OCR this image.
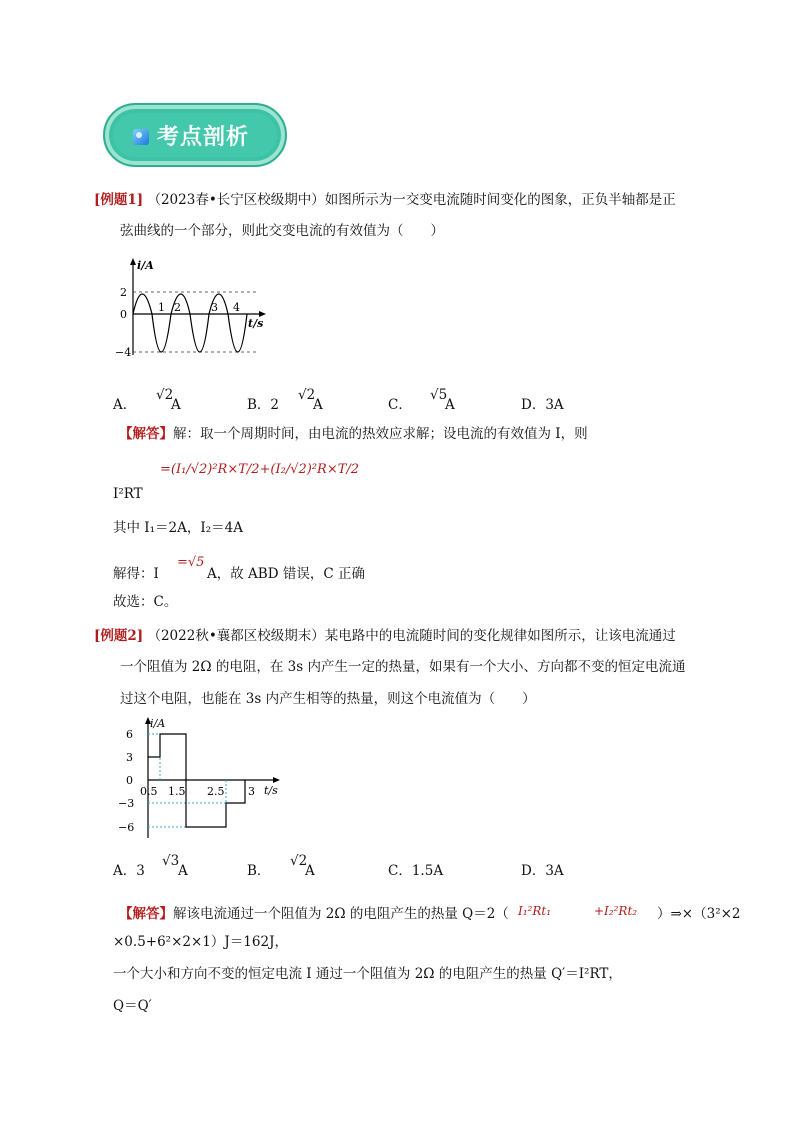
考点剖析
[例题1] （2023春•长宁区校级期中）如图所示为一交变电流随时间变化的图象，正负半轴都是正
弦曲线的一个部分，则此交变电流的有效值为（　　）
i/A
2
0
−4
1 2	3 4
t/s
A．
√2
A	B．2
√2
A	C．
√5
A	D．3A
【解答】解：取一个周期时间，由电流的热效应求解；设电流的有效值为 I，则
=(I₁/√2)²R×T/2+(I₂/√2)²R×T/2
I²RT
其中 I₁＝2A，I₂＝4A
解得：I
=√5
A，故 ABD 错误，C 正确
故选：C。
[例题2] （2022秋•襄都区校级期末）某电路中的电流随时间的变化规律如图所示，让该电流通过
一个阻值为 2Ω 的电阻，在 3s 内产生一定的热量，如果有一个大小、方向都不变的恒定电流通
过这个电阻，也能在 3s 内产生相等的热量，则这个电流值为（　　）
i/A
6
3
0
−3
−6
0.5 1.5 2.5 3 t/s
A．3
√3
A	B．
√2
A	C．1.5A	D．3A
【解答】解该电流通过一个阻值为 2Ω 的电阻产生的热量 Q＝2（ I₁²Rt₁	+I₂²Rt₂ ）⇒×（3²×2
×0.5+6²×2×1）J＝162J，
一个大小和方向不变的恒定电流 I 通过一个阻值为 2Ω 的电阻产生的热量 Q′＝I²RT，
Q＝Q′
